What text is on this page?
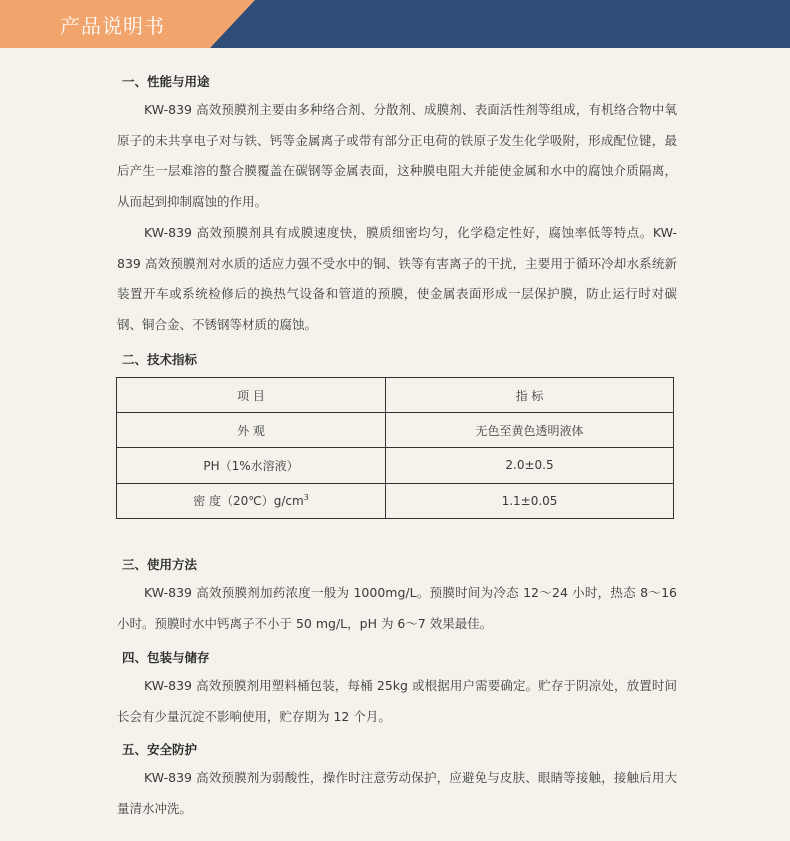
产品说明书
一、性能与用途
KW-839 高效预膜剂主要由多种络合剂、分散剂、成膜剂、表面活性剂等组成，有机络合物中氧原子的未共享电子对与铁、钙等金属离子或带有部分正电荷的铁原子发生化学吸附，形成配位键，最后产生一层难溶的螯合膜覆盖在碳钢等金属表面，这种膜电阻大并能使金属和水中的腐蚀介质隔离，从而起到抑制腐蚀的作用。
KW-839 高效预膜剂具有成膜速度快，膜质细密均匀，化学稳定性好，腐蚀率低等特点。KW-839 高效预膜剂对水质的适应力强不受水中的铜、铁等有害离子的干扰，主要用于循环冷却水系统新装置开车或系统检修后的换热气设备和管道的预膜，使金属表面形成一层保护膜，防止运行时对碳钢、铜合金、不锈钢等材质的腐蚀。
二、技术指标
项 目	指 标
外 观	无色至黄色透明液体
PH（1%水溶液）	2.0±0.5
密 度$(20℃)g/cm^3$	1.1±0.05
三、使用方法
KW-839 高效预膜剂加药浓度一般为 1000mg/L。预膜时间为冷态 12～24 小时，热态 8～16 小时。预膜时水中钙离子不小于 50 mg/L，pH 为 6～7 效果最佳。
四、包装与储存
KW-839 高效预膜剂用塑料桶包装，每桶 25kg 或根据用户需要确定。贮存于阴凉处，放置时间长会有少量沉淀不影响使用，贮存期为 12 个月。
五、安全防护
KW-839 高效预膜剂为弱酸性，操作时注意劳动保护，应避免与皮肤、眼睛等接触，接触后用大量清水冲洗。
